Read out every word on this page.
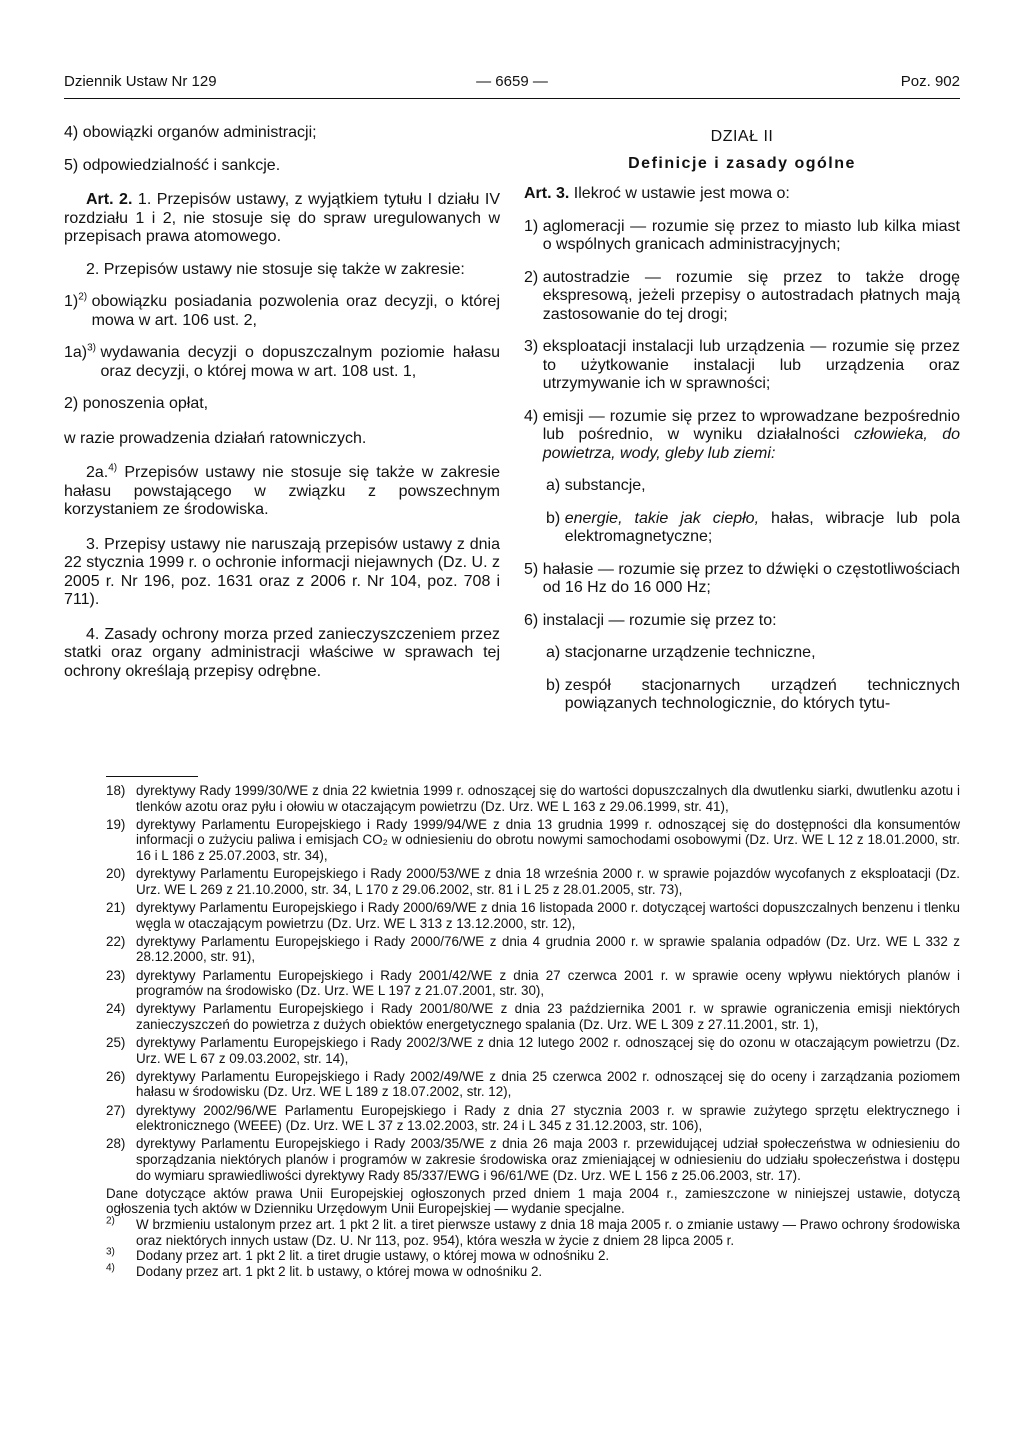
Dziennik Ustaw Nr 129	— 6659 —	Poz. 902
4)
obowiązki organów administracji;
5)
odpowiedzialność i sankcje.

Art. 2. 1. Przepisów ustawy, z wyjątkiem tytułu I działu IV rozdziału 1 i 2, nie stosuje się do spraw uregulowanych w przepisach prawa atomowego.

2. Przepisów ustawy nie stosuje się także w zakresie:

1)$^{2)}$ obowiązku posiadania pozwolenia oraz decyzji, o której mowa w art. 106 ust. 2,
1a)$^{3)}$ wydawania decyzji o dopuszczalnym poziomie hałasu oraz decyzji, o której mowa w art. 108 ust. 1,
2)
ponoszenia opłat,

w razie prowadzenia działań ratowniczych.

2a.$^{4)}$ Przepisów ustawy nie stosuje się także w zakresie hałasu powstającego w związku z powszechnym korzystaniem ze środowiska.

3. Przepisy ustawy nie naruszają przepisów ustawy z dnia 22 stycznia 1999 r. o ochronie informacji niejawnych (Dz. U. z 2005 r. Nr 196, poz. 1631 oraz z 2006 r. Nr 104, poz. 708 i 711).

4. Zasady ochrony morza przed zanieczyszczeniem przez statki oraz organy administracji właściwe w sprawach tej ochrony określają przepisy odrębne.

DZIAŁ II

Definicje i zasady ogólne

Art. 3. Ilekroć w ustawie jest mowa o:

1)
aglomeracji — rozumie się przez to miasto lub kilka miast o wspólnych granicach administracyjnych;
2)
autostradzie — rozumie się przez to także drogę ekspresową, jeżeli przepisy o autostradach płatnych mają zastosowanie do tej drogi;
3)
eksploatacji instalacji lub urządzenia — rozumie się przez to użytkowanie instalacji lub urządzenia oraz utrzymywanie ich w sprawności;
4)
emisji — rozumie się przez to wprowadzane bezpośrednio lub pośrednio, w wyniku działalności człowieka, do powietrza, wody, gleby lub ziemi:
a)
substancje,
b)
energie, takie jak ciepło, hałas, wibracje lub pola elektromagnetyczne;
5)
hałasie — rozumie się przez to dźwięki o częstotliwościach od 16 Hz do 16 000 Hz;
6)
instalacji — rozumie się przez to:
a)
stacjonarne urządzenie techniczne,
b)
zespół stacjonarnych urządzeń technicznych powiązanych technologicznie, do których tytu-
18) dyrektywy Rady 1999/30/WE z dnia 22 kwietnia 1999 r. odnoszącej się do wartości dopuszczalnych dla dwutlenku siarki, dwutlenku azotu i tlenków azotu oraz pyłu i ołowiu w otaczającym powietrzu (Dz. Urz. WE L 163 z 29.06.1999, str. 41),
19) dyrektywy Parlamentu Europejskiego i Rady 1999/94/WE z dnia 13 grudnia 1999 r. odnoszącej się do dostępności dla konsumentów informacji o zużyciu paliwa i emisjach CO₂ w odniesieniu do obrotu nowymi samochodami osobowymi (Dz. Urz. WE L 12 z 18.01.2000, str. 16 i L 186 z 25.07.2003, str. 34),
20) dyrektywy Parlamentu Europejskiego i Rady 2000/53/WE z dnia 18 września 2000 r. w sprawie pojazdów wycofanych z eksploatacji (Dz. Urz. WE L 269 z 21.10.2000, str. 34, L 170 z 29.06.2002, str. 81 i L 25 z 28.01.2005, str. 73),
21) dyrektywy Parlamentu Europejskiego i Rady 2000/69/WE z dnia 16 listopada 2000 r. dotyczącej wartości dopuszczalnych benzenu i tlenku węgla w otaczającym powietrzu (Dz. Urz. WE L 313 z 13.12.2000, str. 12),
22) dyrektywy Parlamentu Europejskiego i Rady 2000/76/WE z dnia 4 grudnia 2000 r. w sprawie spalania odpadów (Dz. Urz. WE L 332 z 28.12.2000, str. 91),
23) dyrektywy Parlamentu Europejskiego i Rady 2001/42/WE z dnia 27 czerwca 2001 r. w sprawie oceny wpływu niektórych planów i programów na środowisko (Dz. Urz. WE L 197 z 21.07.2001, str. 30),
24) dyrektywy Parlamentu Europejskiego i Rady 2001/80/WE z dnia 23 października 2001 r. w sprawie ograniczenia emisji niektórych zanieczyszczeń do powietrza z dużych obiektów energetycznego spalania (Dz. Urz. WE L 309 z 27.11.2001, str. 1),
25) dyrektywy Parlamentu Europejskiego i Rady 2002/3/WE z dnia 12 lutego 2002 r. odnoszącej się do ozonu w otaczającym powietrzu (Dz. Urz. WE L 67 z 09.03.2002, str. 14),
26) dyrektywy Parlamentu Europejskiego i Rady 2002/49/WE z dnia 25 czerwca 2002 r. odnoszącej się do oceny i zarządzania poziomem hałasu w środowisku (Dz. Urz. WE L 189 z 18.07.2002, str. 12),
27) dyrektywy 2002/96/WE Parlamentu Europejskiego i Rady z dnia 27 stycznia 2003 r. w sprawie zużytego sprzętu elektrycznego i elektronicznego (WEEE) (Dz. Urz. WE L 37 z 13.02.2003, str. 24 i L 345 z 31.12.2003, str. 106),
28) dyrektywy Parlamentu Europejskiego i Rady 2003/35/WE z dnia 26 maja 2003 r. przewidującej udział społeczeństwa w odniesieniu do sporządzania niektórych planów i programów w zakresie środowiska oraz zmieniającej w odniesieniu do udziału społeczeństwa i dostępu do wymiaru sprawiedliwości dyrektywy Rady 85/337/EWG i 96/61/WE (Dz. Urz. WE L 156 z 25.06.2003, str. 17).

Dane dotyczące aktów prawa Unii Europejskiej ogłoszonych przed dniem 1 maja 2004 r., zamieszczone w niniejszej ustawie, dotyczą ogłoszenia tych aktów w Dzienniku Urzędowym Unii Europejskiej — wydanie specjalne.

$^{2)}$	W brzmieniu ustalonym przez art. 1 pkt 2 lit. a tiret pierwsze ustawy z dnia 18 maja 2005 r. o zmianie ustawy — Prawo ochrony środowiska oraz niektórych innych ustaw (Dz. U. Nr 113, poz. 954), która weszła w życie z dniem 28 lipca 2005 r.
$^{3)}$	Dodany przez art. 1 pkt 2 lit. a tiret drugie ustawy, o której mowa w odnośniku 2.
$^{4)}$	Dodany przez art. 1 pkt 2 lit. b ustawy, o której mowa w odnośniku 2.
